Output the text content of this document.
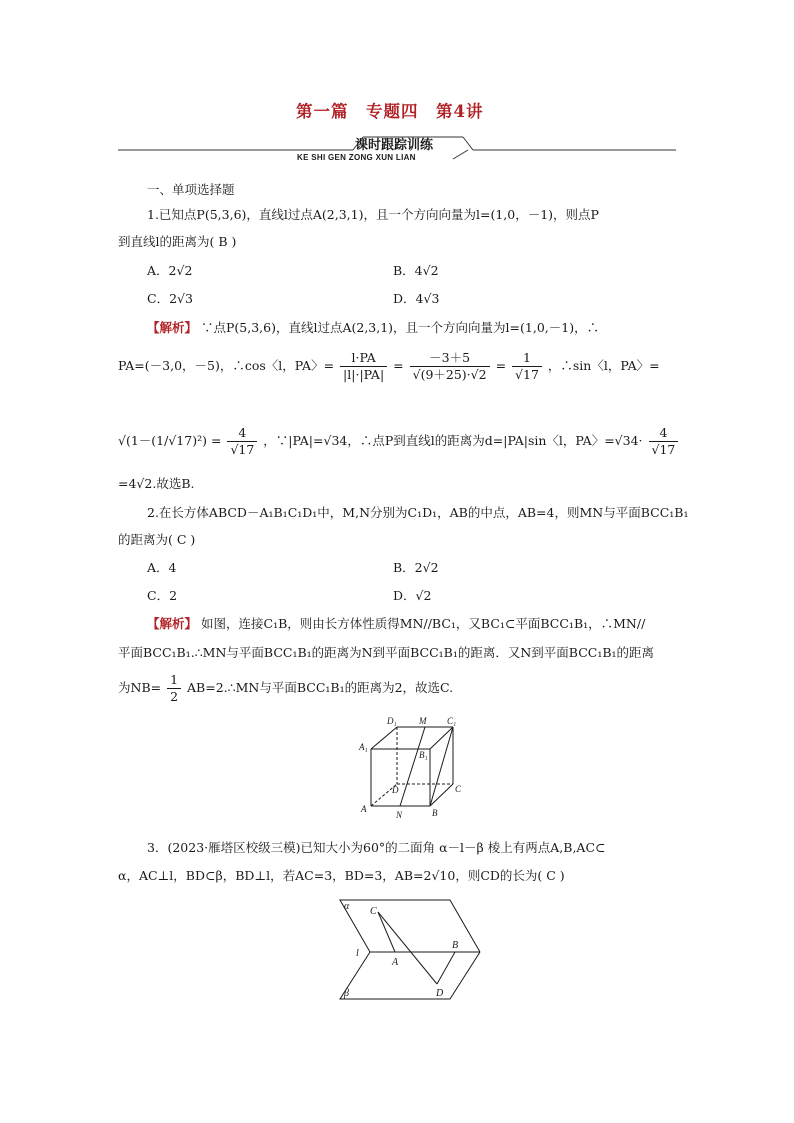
第一篇　专题四　第4讲
课时跟踪训练
KE SHI GEN ZONG XUN LIAN
一、单项选择题
1.已知点P(5,3,6)，直线l过点A(2,3,1)，且一个方向向量为l=(1,0，－1)，则点P
到直线l的距离为( B )
A．2√2	B．4√2
C．2√3	D．4√3
【解析】 ∵点P(5,3,6)，直线l过点A(2,3,1)，且一个方向向量为l=(1,0,－1)，∴
PA=(－3,0，－5)，∴cos〈l，PA〉= $\frac{l\cdot PA}{|l|\cdot|PA|} = \frac{-3+5}{√(9+25)\cdot√2} = \frac{1}{√17}$ ，∴sin〈l，PA〉=
$√(1-(1/√17)^2) = \frac{4}{√17}$ ，∵|PA|=√34，∴点P到直线l的距离为d=|PA|sin〈l，PA〉$=√34\cdot \frac{4}{√17}$
=4√2.故选B.
2.在长方体ABCD－A₁B₁C₁D₁中，M,N分别为C₁D₁，AB的中点，AB=4，则MN与平面BCC₁B₁
的距离为( C )
A．4	B．2√2
C．2	D．√2
【解析】 如图，连接C₁B，则由长方体性质得MN//BC₁，又BC₁⊂平面BCC₁B₁，∴MN//
平面BCC₁B₁.∴MN与平面BCC₁B₁的距离为N到平面BCC₁B₁的距离．又N到平面BCC₁B₁的距离
为$NB= \frac{1}{2}$ AB=2.∴MN与平面BCC₁B₁的距离为2，故选C.
D₁ M C₁
A₁
B₁
D	C
A
N	B
3．(2023·雁塔区校级三模)已知大小为60°的二面角 α－l－β 棱上有两点A,B,AC⊂
α，AC⊥l，BD⊂β，BD⊥l，若AC=3，BD=3，AB=2√10，则CD的长为( C )
α C
B
l
A
D
β
